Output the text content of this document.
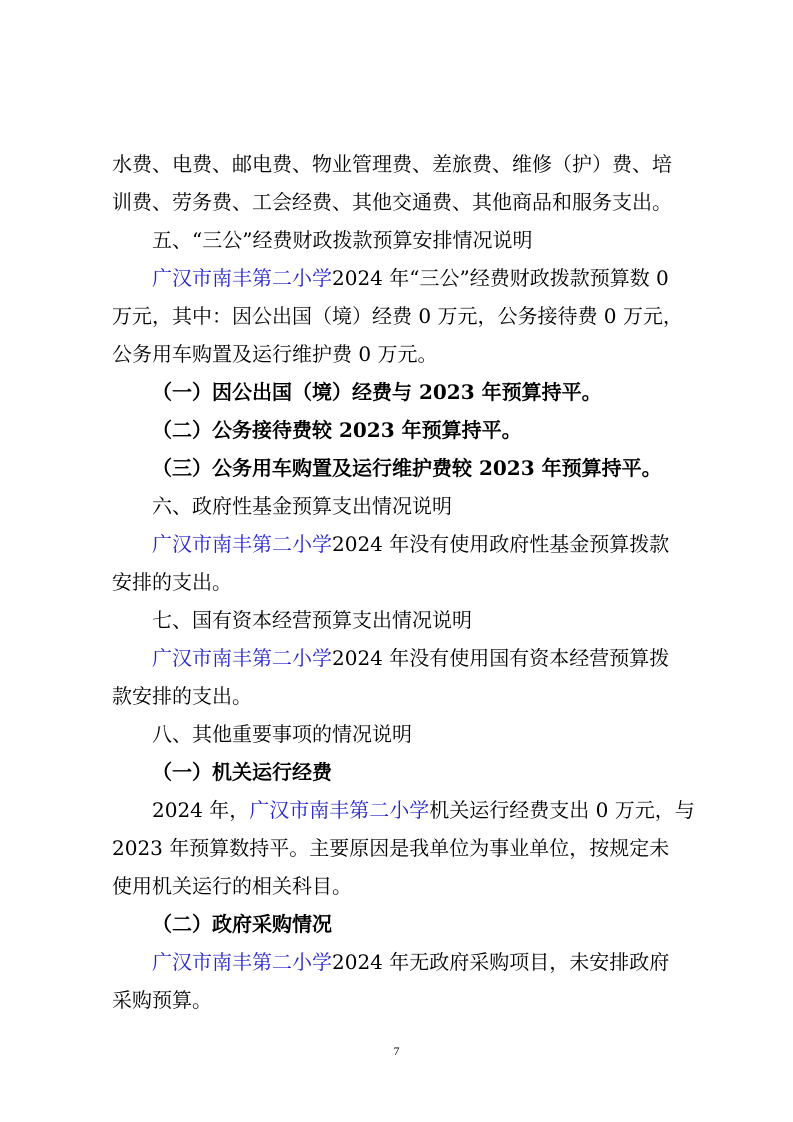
水费、电费、邮电费、物业管理费、差旅费、维修（护）费、培
训费、劳务费、工会经费、其他交通费、其他商品和服务支出。
五、“三公”经费财政拨款预算安排情况说明
广汉市南丰第二小学2024 年“三公”经费财政拨款预算数 0
万元，其中：因公出国（境）经费 0 万元，公务接待费 0 万元，
公务用车购置及运行维护费 0 万元。
（一）因公出国（境）经费与 2023 年预算持平。
（二）公务接待费较 2023 年预算持平。
（三）公务用车购置及运行维护费较 2023 年预算持平。
六、政府性基金预算支出情况说明
广汉市南丰第二小学2024 年没有使用政府性基金预算拨款
安排的支出。
七、国有资本经营预算支出情况说明
广汉市南丰第二小学2024 年没有使用国有资本经营预算拨
款安排的支出。
八、其他重要事项的情况说明
（一）机关运行经费
2024 年，广汉市南丰第二小学机关运行经费支出 0 万元，与
2023 年预算数持平。主要原因是我单位为事业单位，按规定未
使用机关运行的相关科目。
（二）政府采购情况
广汉市南丰第二小学2024 年无政府采购项目，未安排政府
采购预算。
7
